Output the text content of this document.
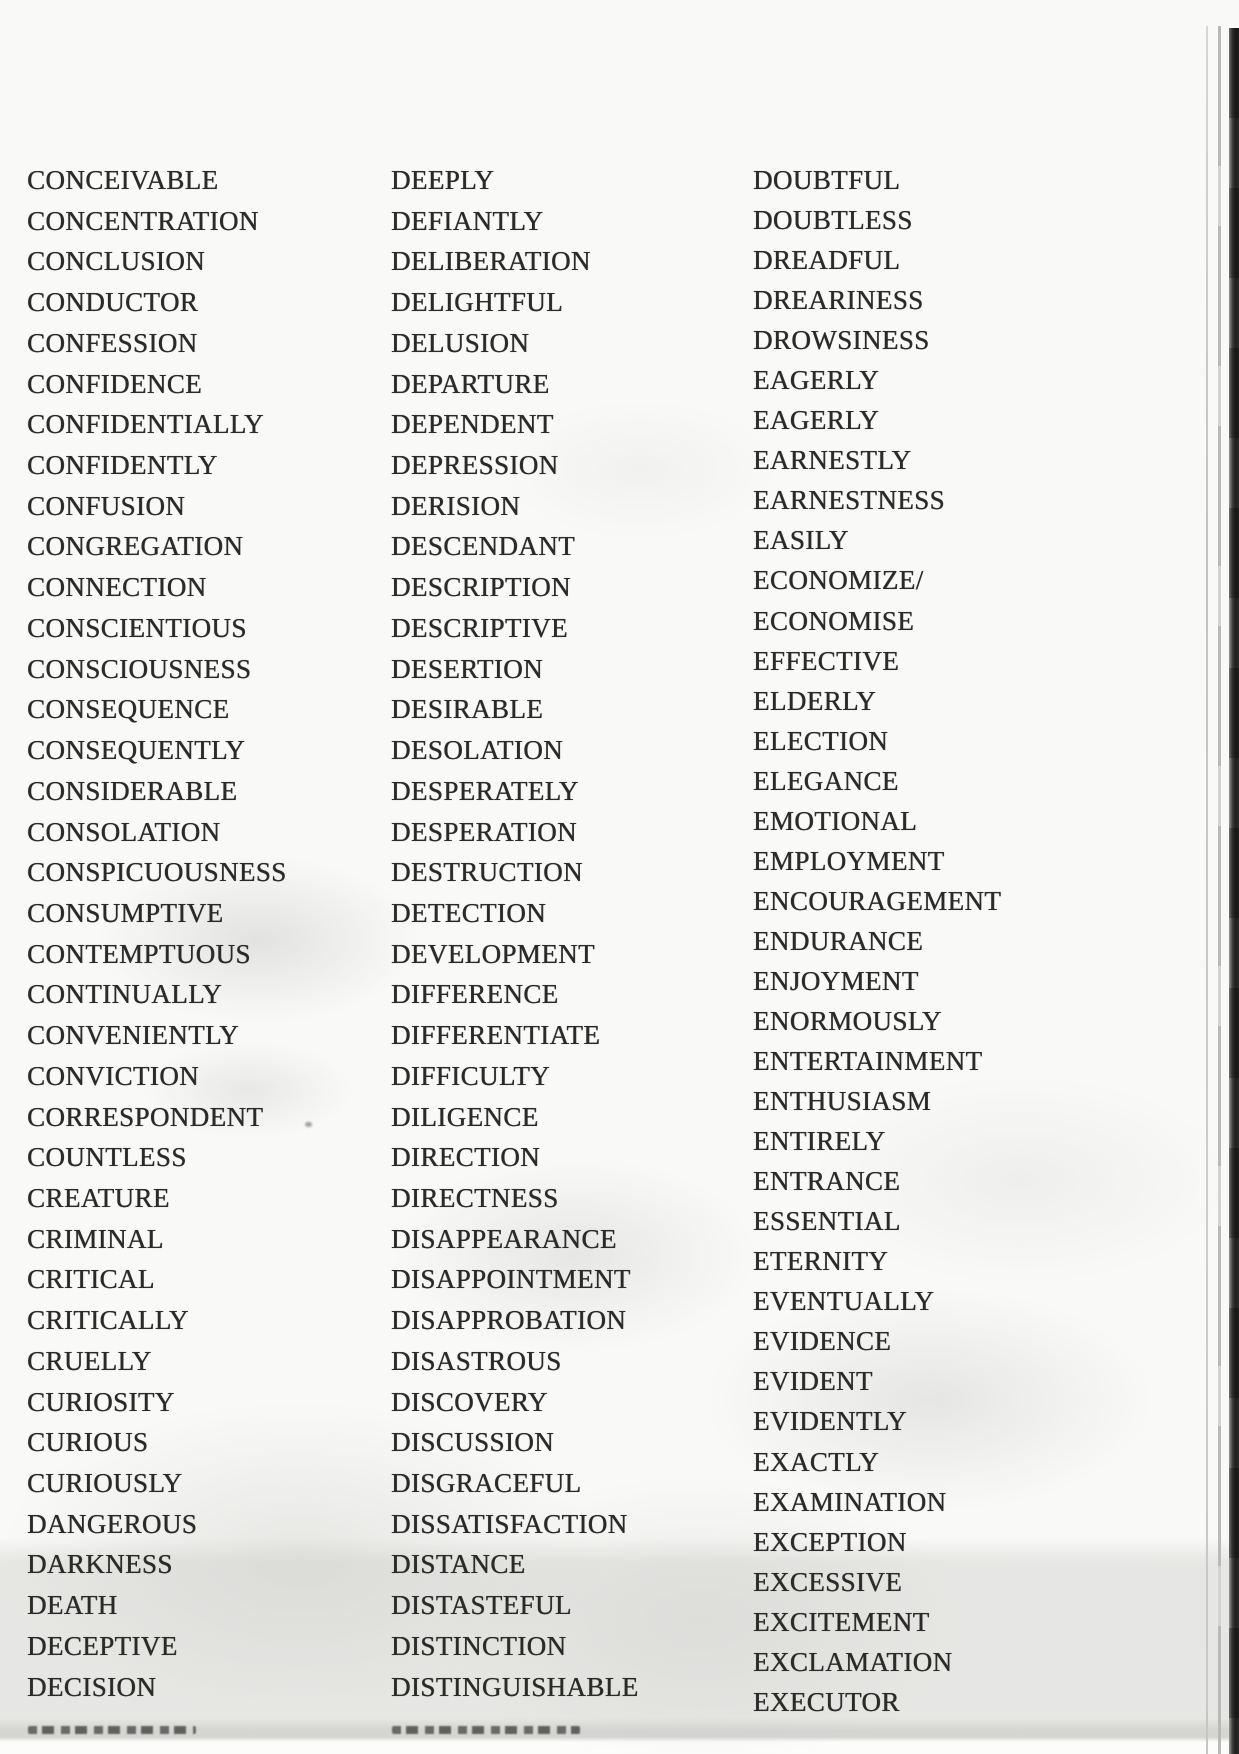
CONCEIVABLE
CONCENTRATION
CONCLUSION
CONDUCTOR
CONFESSION
CONFIDENCE
CONFIDENTIALLY
CONFIDENTLY
CONFUSION
CONGREGATION
CONNECTION
CONSCIENTIOUS
CONSCIOUSNESS
CONSEQUENCE
CONSEQUENTLY
CONSIDERABLE
CONSOLATION
CONSPICUOUSNESS
CONSUMPTIVE
CONTEMPTUOUS
CONTINUALLY
CONVENIENTLY
CONVICTION
CORRESPONDENT
COUNTLESS
CREATURE
CRIMINAL
CRITICAL
CRITICALLY
CRUELLY
CURIOSITY
CURIOUS
CURIOUSLY
DANGEROUS
DARKNESS
DEATH
DECEPTIVE
DECISION
DEEPLY
DEFIANTLY
DELIBERATION
DELIGHTFUL
DELUSION
DEPARTURE
DEPENDENT
DEPRESSION
DERISION
DESCENDANT
DESCRIPTION
DESCRIPTIVE
DESERTION
DESIRABLE
DESOLATION
DESPERATELY
DESPERATION
DESTRUCTION
DETECTION
DEVELOPMENT
DIFFERENCE
DIFFERENTIATE
DIFFICULTY
DILIGENCE
DIRECTION
DIRECTNESS
DISAPPEARANCE
DISAPPOINTMENT
DISAPPROBATION
DISASTROUS
DISCOVERY
DISCUSSION
DISGRACEFUL
DISSATISFACTION
DISTANCE
DISTASTEFUL
DISTINCTION
DISTINGUISHABLE
DOUBTFUL
DOUBTLESS
DREADFUL
DREARINESS
DROWSINESS
EAGERLY
EAGERLY
EARNESTLY
EARNESTNESS
EASILY
ECONOMIZE/
ECONOMISE
EFFECTIVE
ELDERLY
ELECTION
ELEGANCE
EMOTIONAL
EMPLOYMENT
ENCOURAGEMENT
ENDURANCE
ENJOYMENT
ENORMOUSLY
ENTERTAINMENT
ENTHUSIASM
ENTIRELY
ENTRANCE
ESSENTIAL
ETERNITY
EVENTUALLY
EVIDENCE
EVIDENT
EVIDENTLY
EXACTLY
EXAMINATION
EXCEPTION
EXCESSIVE
EXCITEMENT
EXCLAMATION
EXECUTOR
